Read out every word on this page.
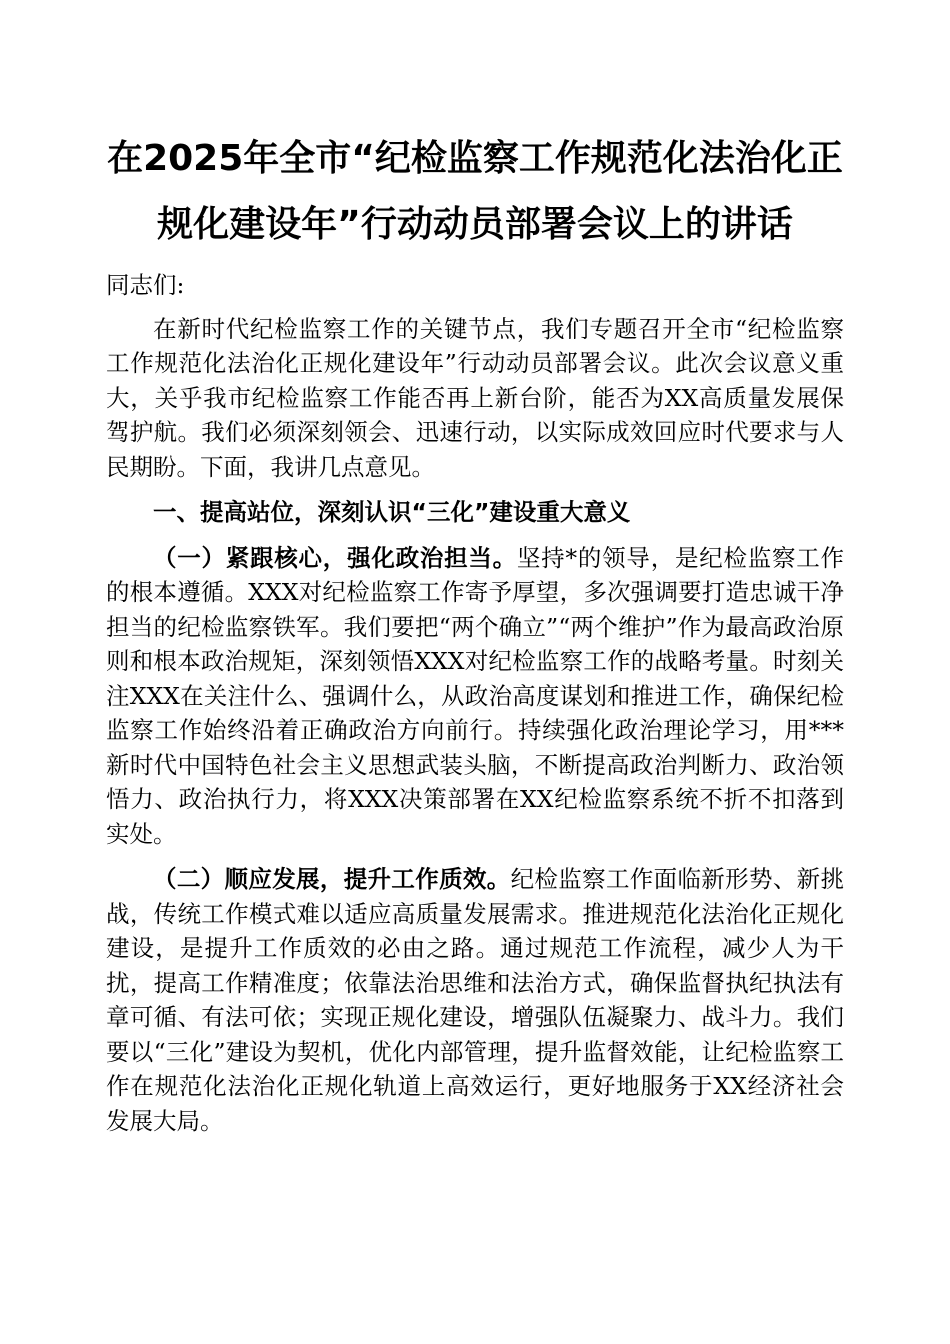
在2025年全市“纪检监察工作规范化法治化正
规化建设年”行动动员部署会议上的讲话

同志们:

在新时代纪检监察工作的关键节点，我们专题召开全市“纪检监察工作规范化法治化正规化建设年”行动动员部署会议。此次会议意义重大，关乎我市纪检监察工作能否再上新台阶，能否为XX高质量发展保驾护航。我们必须深刻领会、迅速行动，以实际成效回应时代要求与人民期盼。下面，我讲几点意见。

一、提高站位，深刻认识“三化”建设重大意义

（一）紧跟核心，强化政治担当。坚持*的领导，是纪检监察工作的根本遵循。XXX对纪检监察工作寄予厚望，多次强调要打造忠诚干净担当的纪检监察铁军。我们要把“两个确立”“两个维护”作为最高政治原则和根本政治规矩，深刻领悟XXX对纪检监察工作的战略考量。时刻关注XXX在关注什么、强调什么，从政治高度谋划和推进工作，确保纪检监察工作始终沿着正确政治方向前行。持续强化政治理论学习，用***新时代中国特色社会主义思想武装头脑，不断提高政治判断力、政治领悟力、政治执行力，将XXX决策部署在XX纪检监察系统不折不扣落到实处。

（二）顺应发展，提升工作质效。纪检监察工作面临新形势、新挑战，传统工作模式难以适应高质量发展需求。推进规范化法治化正规化建设，是提升工作质效的必由之路。通过规范工作流程，减少人为干扰，提高工作精准度；依靠法治思维和法治方式，确保监督执纪执法有章可循、有法可依；实现正规化建设，增强队伍凝聚力、战斗力。我们要以“三化”建设为契机，优化内部管理，提升监督效能，让纪检监察工作在规范化法治化正规化轨道上高效运行，更好地服务于XX经济社会发展大局。
